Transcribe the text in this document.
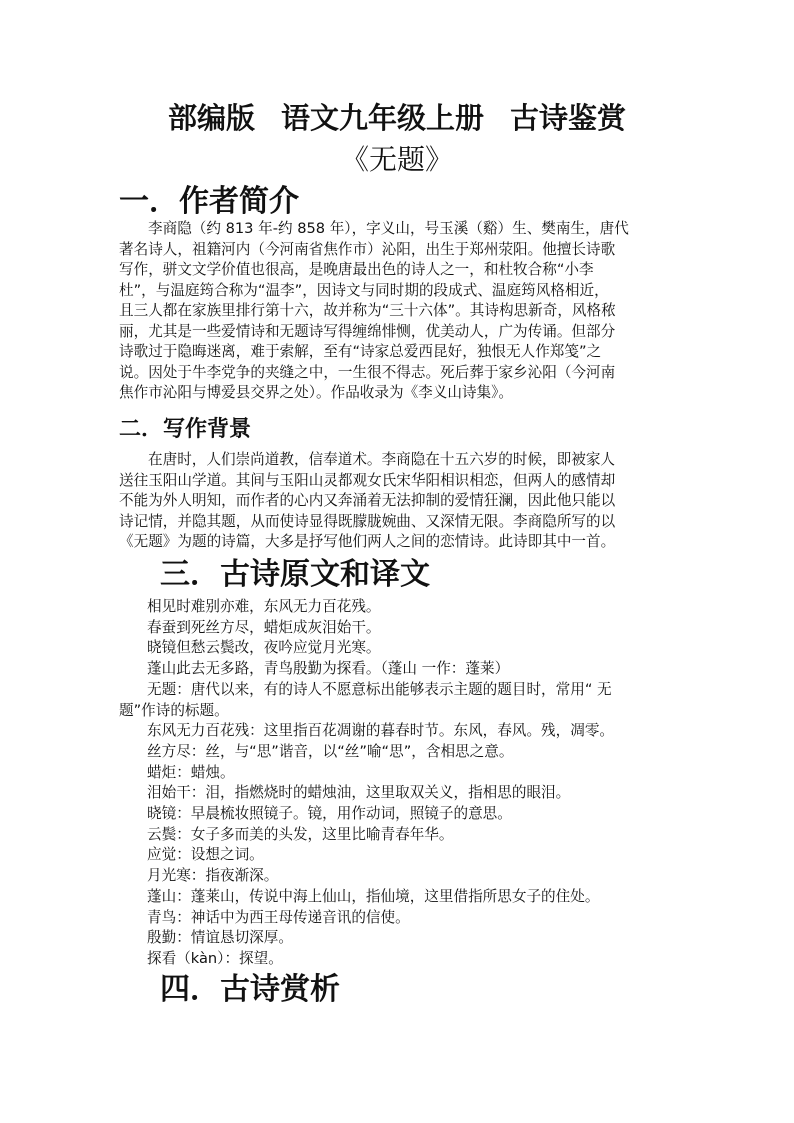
部编版 语文九年级上册 古诗鉴赏
《无题》
一．作者简介
李商隐（约 813 年-约 858 年），字义山，号玉溪（谿）生、樊南生，唐代
著名诗人，祖籍河内（今河南省焦作市）沁阳，出生于郑州荥阳。他擅长诗歌
写作，骈文文学价值也很高，是晚唐最出色的诗人之一，和杜牧合称“小李
杜”，与温庭筠合称为“温李”，因诗文与同时期的段成式、温庭筠风格相近，
且三人都在家族里排行第十六，故并称为“三十六体”。其诗构思新奇，风格秾
丽，尤其是一些爱情诗和无题诗写得缠绵悱恻，优美动人，广为传诵。但部分
诗歌过于隐晦迷离，难于索解，至有“诗家总爱西昆好，独恨无人作郑笺”之
说。因处于牛李党争的夹缝之中，一生很不得志。死后葬于家乡沁阳（今河南
焦作市沁阳与博爱县交界之处）。作品收录为《李义山诗集》。
二．写作背景
在唐时，人们崇尚道教，信奉道术。李商隐在十五六岁的时候，即被家人
送往玉阳山学道。其间与玉阳山灵都观女氏宋华阳相识相恋，但两人的感情却
不能为外人明知，而作者的心内又奔涌着无法抑制的爱情狂澜，因此他只能以
诗记情，并隐其题，从而使诗显得既朦胧婉曲、又深情无限。李商隐所写的以
《无题》为题的诗篇，大多是抒写他们两人之间的恋情诗。此诗即其中一首。
三．古诗原文和译文
相见时难别亦难，东风无力百花残。
春蚕到死丝方尽，蜡炬成灰泪始干。
晓镜但愁云鬓改，夜吟应觉月光寒。
蓬山此去无多路，青鸟殷勤为探看。（蓬山 一作：蓬莱）
无题：唐代以来，有的诗人不愿意标出能够表示主题的题目时，常用“ 无
题”作诗的标题。
东风无力百花残：这里指百花凋谢的暮春时节。东风，春风。残，凋零。
丝方尽：丝，与“思”谐音，以“丝”喻“思”，含相思之意。
蜡炬：蜡烛。
泪始干：泪，指燃烧时的蜡烛油，这里取双关义，指相思的眼泪。
晓镜：早晨梳妆照镜子。镜，用作动词，照镜子的意思。
云鬓：女子多而美的头发，这里比喻青春年华。
应觉：设想之词。
月光寒：指夜渐深。
蓬山：蓬莱山，传说中海上仙山，指仙境，这里借指所思女子的住处。
青鸟：神话中为西王母传递音讯的信使。
殷勤：情谊恳切深厚。
探看（kàn）：探望。
四．古诗赏析
